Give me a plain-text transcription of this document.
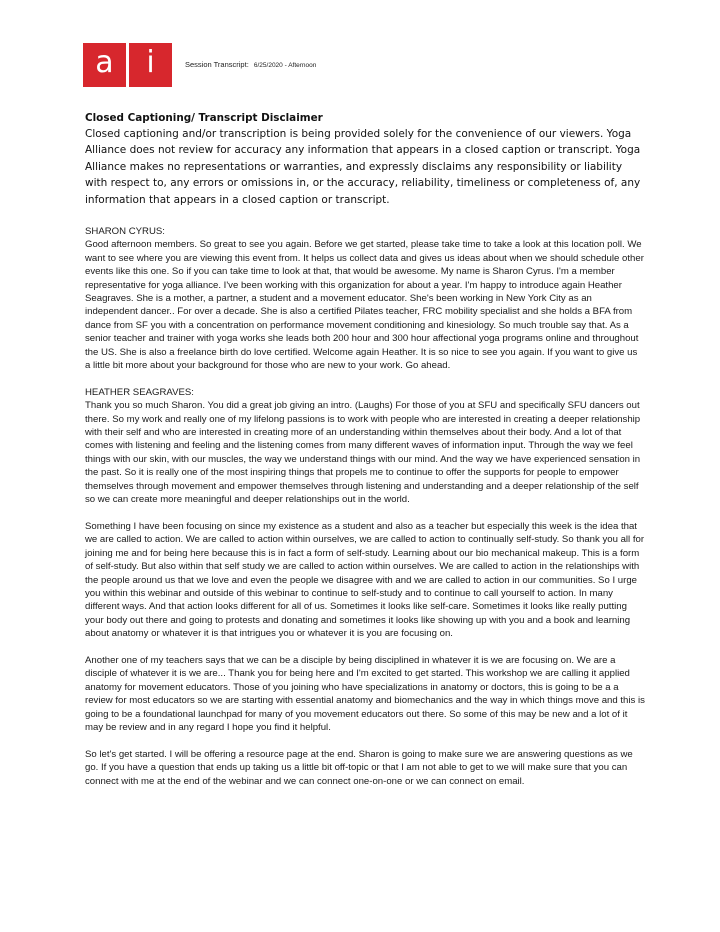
a	i	Session Transcript: 6/25/2020 - Afternoon
Closed Captioning/ Transcript Disclaimer

Closed captioning and/or transcription is being provided solely for the convenience of our viewers. Yoga Alliance does not review for accuracy any information that appears in a closed caption or transcript. Yoga Alliance makes no representations or warranties, and expressly disclaims any responsibility or liability with respect to, any errors or omissions in, or the accuracy, reliability, timeliness or completeness of, any information that appears in a closed caption or transcript.

SHARON CYRUS:

Good afternoon members. So great to see you again. Before we get started, please take time to take a look at this location poll. We want to see where you are viewing this event from. It helps us collect data and gives us ideas about when we should schedule other events like this one. So if you can take time to look at that, that would be awesome. My name is Sharon Cyrus. I'm a member representative for yoga alliance. I've been working with this organization for about a year. I'm happy to introduce again Heather Seagraves. She is a mother, a partner, a student and a movement educator. She's been working in New York City as an independent dancer.. For over a decade. She is also a certified Pilates teacher, FRC mobility specialist and she holds a BFA from dance from SF you with a concentration on performance movement conditioning and kinesiology. So much trouble say that. As a senior teacher and trainer with yoga works she leads both 200 hour and 300 hour affectional yoga programs online and throughout the US. She is also a freelance birth do love certified. Welcome again Heather. It is so nice to see you again. If you want to give us a little bit more about your background for those who are new to your work. Go ahead.

HEATHER SEAGRAVES:

Thank you so much Sharon. You did a great job giving an intro. (Laughs) For those of you at SFU and specifically SFU dancers out there. So my work and really one of my lifelong passions is to work with people who are interested in creating a deeper relationship with their self and who are interested in creating more of an understanding within themselves about their body. And a lot of that comes with listening and feeling and the listening comes from many different waves of information input. Through the way we feel things with our skin, with our muscles, the way we understand things with our mind. And the way we have experienced sensation in the past. So it is really one of the most inspiring things that propels me to continue to offer the supports for people to empower themselves through movement and empower themselves through listening and understanding and a deeper relationship of the self so we can create more meaningful and deeper relationships out in the world.

Something I have been focusing on since my existence as a student and also as a teacher but especially this week is the idea that we are called to action. We are called to action within ourselves, we are called to action to continually self-study. So thank you all for joining me and for being here because this is in fact a form of self-study. Learning about our bio mechanical makeup. This is a form of self-study. But also within that self study we are called to action within ourselves. We are called to action in the relationships with the people around us that we love and even the people we disagree with and we are called to action in our communities. So I urge you within this webinar and outside of this webinar to continue to self-study and to continue to call yourself to action. In many different ways. And that action looks different for all of us. Sometimes it looks like self-care. Sometimes it looks like really putting your body out there and going to protests and donating and sometimes it looks like showing up with you and a book and learning about anatomy or whatever it is that intrigues you or whatever it is you are focusing on.

Another one of my teachers says that we can be a disciple by being disciplined in whatever it is we are focusing on. We are a disciple of whatever it is we are... Thank you for being here and I'm excited to get started. This workshop we are calling it applied anatomy for movement educators. Those of you joining who have specializations in anatomy or doctors, this is going to be a a review for most educators so we are starting with essential anatomy and biomechanics and the way in which things move and this is going to be a foundational launchpad for many of you movement educators out there. So some of this may be new and a lot of it may be review and in any regard I hope you find it helpful.

So let's get started. I will be offering a resource page at the end. Sharon is going to make sure we are answering questions as we go. If you have a question that ends up taking us a little bit off-topic or that I am not able to get to we will make sure that you can connect with me at the end of the webinar and we can connect one-on-one or we can connect on email.
